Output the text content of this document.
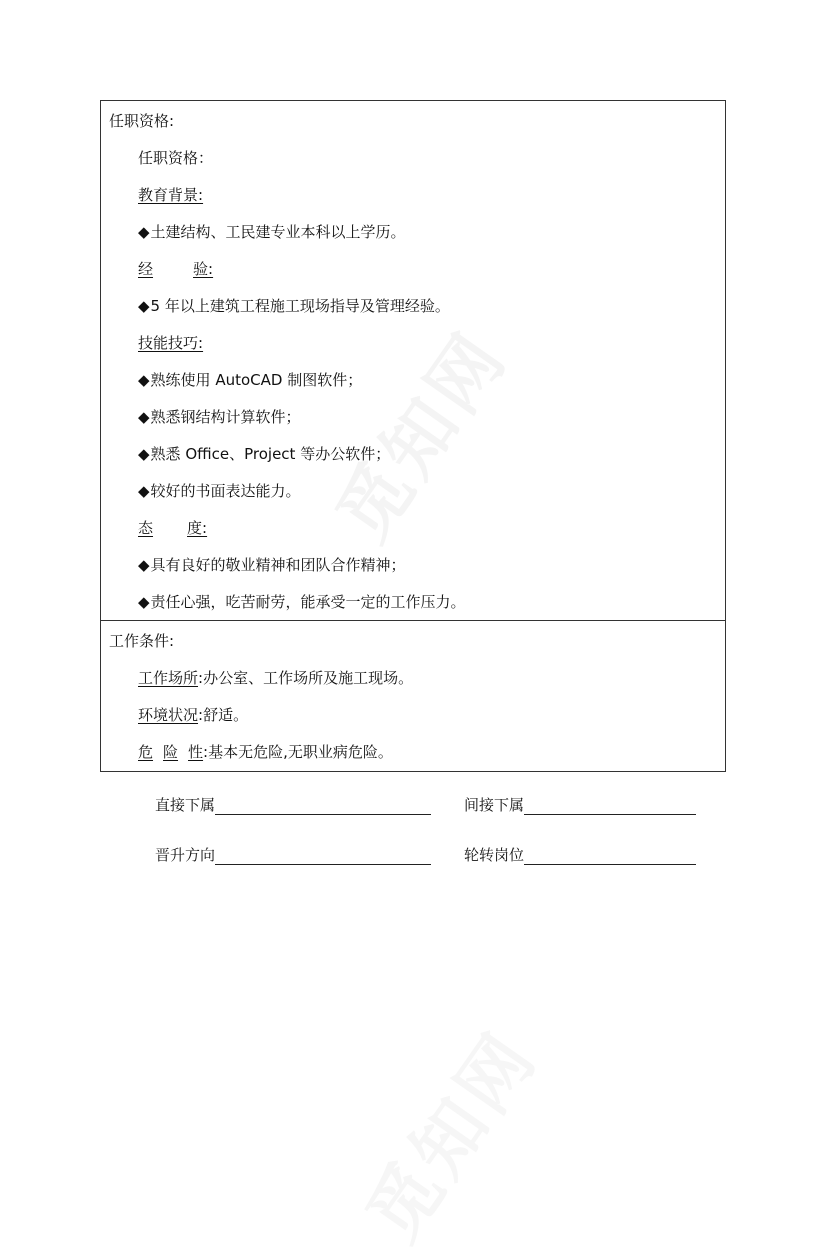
觅知网
觅知网
任职资格:
任职资格：
教育背景:
◆土建结构、工民建专业本科以上学历。
经	验:
◆5 年以上建筑工程施工现场指导及管理经验。
技能技巧:
◆熟练使用 AutoCAD 制图软件；
◆熟悉钢结构计算软件；
◆熟悉 Office、Project 等办公软件；
◆较好的书面表达能力。
态 度:
◆具有良好的敬业精神和团队合作精神；
◆责任心强，吃苦耐劳，能承受一定的工作压力。
工作条件:
工作场所:办公室、工作场所及施工现场。
环境状况:舒适。
危 险 性:基本无危险,无职业病危险。
直接下属	间接下属
晋升方向	轮转岗位
